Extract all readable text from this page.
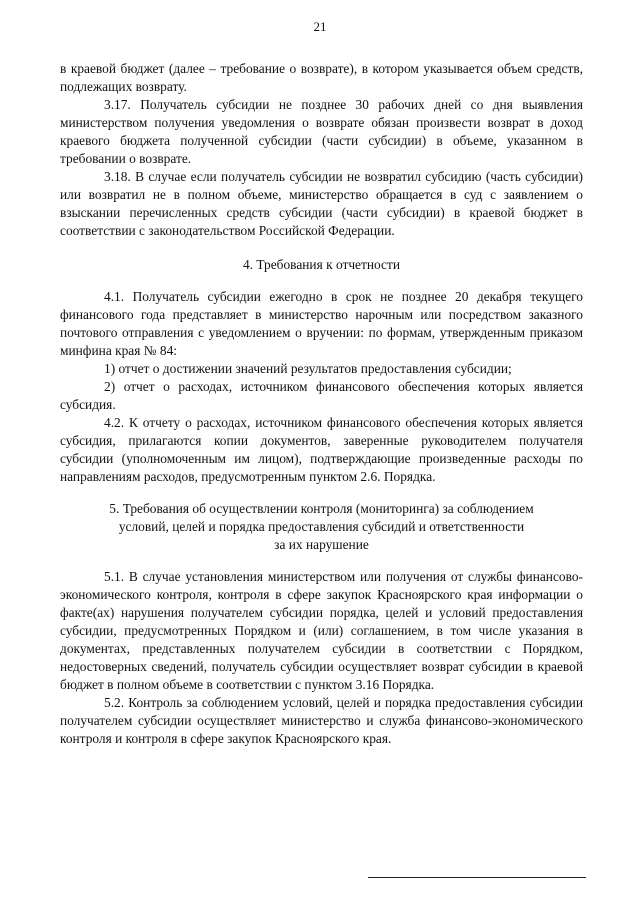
21

в краевой бюджет (далее – требование о возврате), в котором указывается объем средств, подлежащих возврату.

3.17. Получатель субсидии не позднее 30 рабочих дней со дня выявления министерством получения уведомления о возврате обязан произвести возврат в доход краевого бюджета полученной субсидии (части субсидии) в объеме, указанном в требовании о возврате.

3.18. В случае если получатель субсидии не возвратил субсидию (часть субсидии) или возвратил не в полном объеме, министерство обращается в суд с заявлением о взыскании перечисленных средств субсидии (части субсидии) в краевой бюджет в соответствии с законодательством Российской Федерации.

4. Требования к отчетности

4.1. Получатель субсидии ежегодно в срок не позднее 20 декабря текущего финансового года представляет в министерство нарочным или посредством заказного почтового отправления с уведомлением о вручении: по формам, утвержденным приказом минфина края № 84:

1) отчет о достижении значений результатов предоставления субсидии;

2) отчет о расходах, источником финансового обеспечения которых является субсидия.

4.2. К отчету о расходах, источником финансового обеспечения которых является субсидия, прилагаются копии документов, заверенные руководителем получателя субсидии (уполномоченным им лицом), подтверждающие произведенные расходы по направлениям расходов, предусмотренным пунктом 2.6. Порядка.

5. Требования об осуществлении контроля (мониторинга) за соблюдением
условий, целей и порядка предоставления субсидий и ответственности
за их нарушение

5.1. В случае установления министерством или получения от службы финансово-экономического контроля, контроля в сфере закупок Красноярского края информации о факте(ах) нарушения получателем субсидии порядка, целей и условий предоставления субсидии, предусмотренных Порядком и (или) соглашением, в том числе указания в документах, представленных получателем субсидии в соответствии с Порядком, недостоверных сведений, получатель субсидии осуществляет возврат субсидии в краевой бюджет в полном объеме в соответствии с пунктом 3.16 Порядка.

5.2. Контроль за соблюдением условий, целей и порядка предоставления субсидии получателем субсидии осуществляет министерство и служба финансово-экономического контроля и контроля в сфере закупок Красноярского края.
